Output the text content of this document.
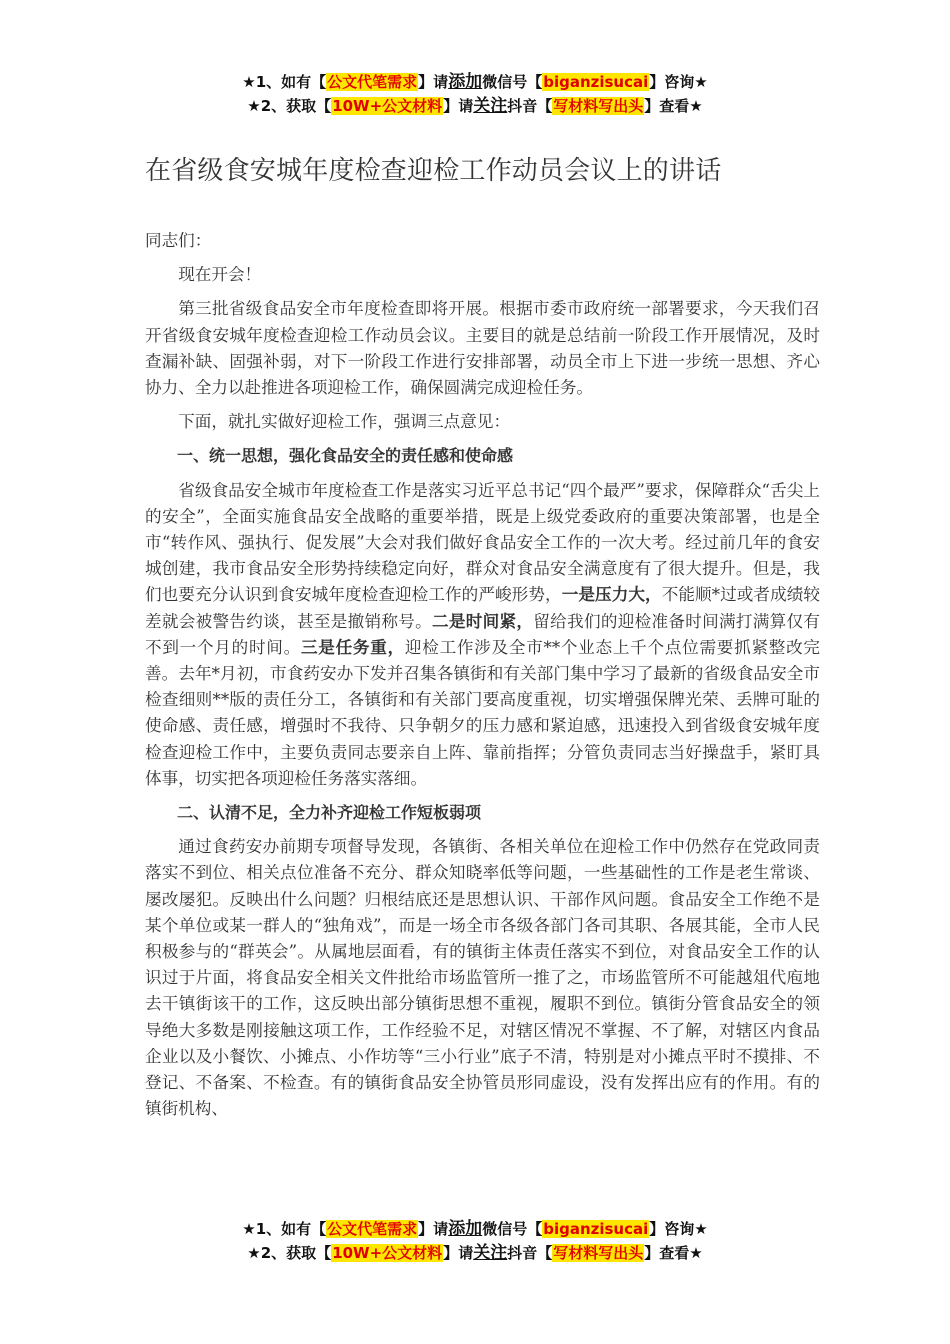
★1、如有【公文代笔需求】请添加微信号【biganzisucai】咨询★
★2、获取【10W+公文材料】请关注抖音【写材料写出头】查看★
在省级食安城年度检查迎检工作动员会议上的讲话

同志们：

现在开会！

第三批省级食品安全市年度检查即将开展。根据市委市政府统一部署要求，今天我们召开省级食安城年度检查迎检工作动员会议。主要目的就是总结前一阶段工作开展情况，及时查漏补缺、固强补弱，对下一阶段工作进行安排部署，动员全市上下进一步统一思想、齐心协力、全力以赴推进各项迎检工作，确保圆满完成迎检任务。

下面，就扎实做好迎检工作，强调三点意见：

一、统一思想，强化食品安全的责任感和使命感

省级食品安全城市年度检查工作是落实习近平总书记“四个最严”要求，保障群众“舌尖上的安全”，全面实施食品安全战略的重要举措，既是上级党委政府的重要决策部署，也是全市“转作风、强执行、促发展”大会对我们做好食品安全工作的一次大考。经过前几年的食安城创建，我市食品安全形势持续稳定向好，群众对食品安全满意度有了很大提升。但是，我们也要充分认识到食安城年度检查迎检工作的严峻形势，一是压力大，不能顺*过或者成绩较差就会被警告约谈，甚至是撤销称号。二是时间紧，留给我们的迎检准备时间满打满算仅有不到一个月的时间。三是任务重，迎检工作涉及全市**个业态上千个点位需要抓紧整改完善。去年*月初，市食药安办下发并召集各镇街和有关部门集中学习了最新的省级食品安全市检查细则**版的责任分工，各镇街和有关部门要高度重视，切实增强保牌光荣、丢牌可耻的使命感、责任感，增强时不我待、只争朝夕的压力感和紧迫感，迅速投入到省级食安城年度检查迎检工作中，主要负责同志要亲自上阵、靠前指挥；分管负责同志当好操盘手，紧盯具体事，切实把各项迎检任务落实落细。

二、认清不足，全力补齐迎检工作短板弱项

通过食药安办前期专项督导发现，各镇街、各相关单位在迎检工作中仍然存在党政同责落实不到位、相关点位准备不充分、群众知晓率低等问题，一些基础性的工作是老生常谈、屡改屡犯。反映出什么问题？归根结底还是思想认识、干部作风问题。食品安全工作绝不是某个单位或某一群人的“独角戏”，而是一场全市各级各部门各司其职、各展其能，全市人民积极参与的“群英会”。从属地层面看，有的镇街主体责任落实不到位，对食品安全工作的认识过于片面，将食品安全相关文件批给市场监管所一推了之，市场监管所不可能越俎代庖地去干镇街该干的工作，这反映出部分镇街思想不重视，履职不到位。镇街分管食品安全的领导绝大多数是刚接触这项工作，工作经验不足，对辖区情况不掌握、不了解，对辖区内食品企业以及小餐饮、小摊点、小作坊等“三小行业”底子不清，特别是对小摊点平时不摸排、不登记、不备案、不检查。有的镇街食品安全协管员形同虚设，没有发挥出应有的作用。有的镇街机构、

★1、如有【公文代笔需求】请添加微信号【biganzisucai】咨询★
★2、获取【10W+公文材料】请关注抖音【写材料写出头】查看★
